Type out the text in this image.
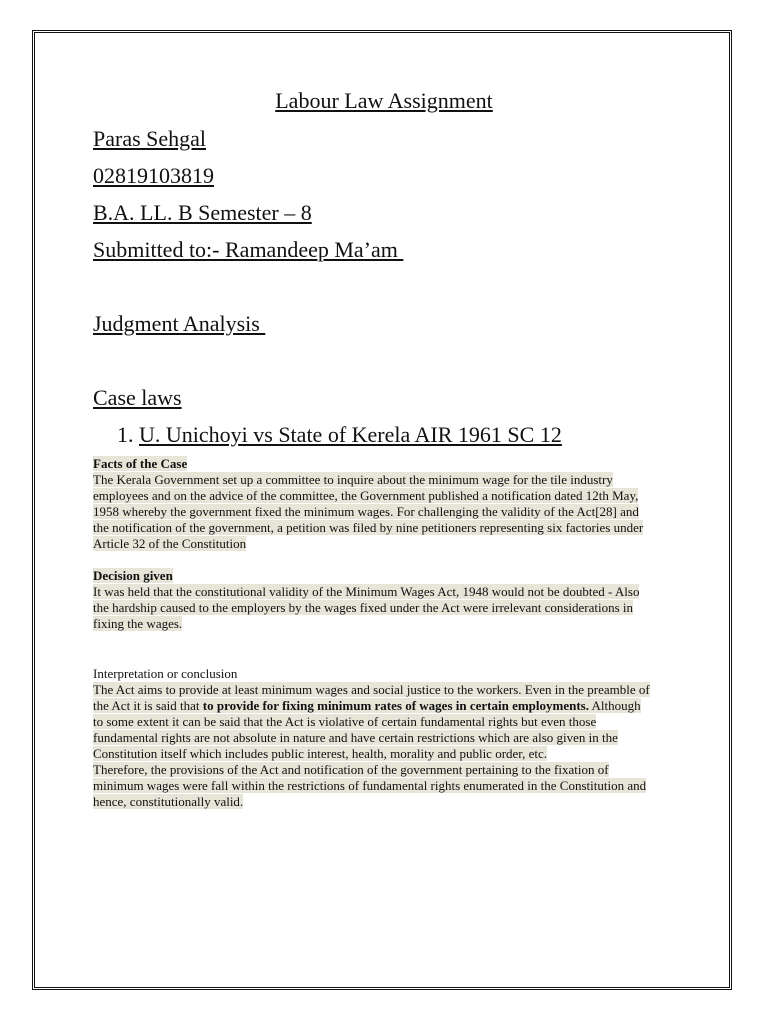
Labour Law Assignment
Paras Sehgal
02819103819
B.A. LL. B Semester – 8
Submitted to:- Ramandeep Ma’am
Judgment Analysis
Case laws
1. U. Unichoyi vs State of Kerela AIR 1961 SC 12
Facts of the Case
The Kerala Government set up a committee to inquire about the minimum wage for the tile industry
employees and on the advice of the committee, the Government published a notification dated 12th May,
1958 whereby the government fixed the minimum wages. For challenging the validity of the Act[28] and
the notification of the government, a petition was filed by nine petitioners representing six factories under
Article 32 of the Constitution
Decision given
It was held that the constitutional validity of the Minimum Wages Act, 1948 would not be doubted - Also
the hardship caused to the employers by the wages fixed under the Act were irrelevant considerations in
fixing the wages.
Interpretation or conclusion
The Act aims to provide at least minimum wages and social justice to the workers. Even in the preamble of
the Act it is said that to provide for fixing minimum rates of wages in certain employments. Although
to some extent it can be said that the Act is violative of certain fundamental rights but even those
fundamental rights are not absolute in nature and have certain restrictions which are also given in the
Constitution itself which includes public interest, health, morality and public order, etc.
Therefore, the provisions of the Act and notification of the government pertaining to the fixation of
minimum wages were fall within the restrictions of fundamental rights enumerated in the Constitution and
hence, constitutionally valid.
